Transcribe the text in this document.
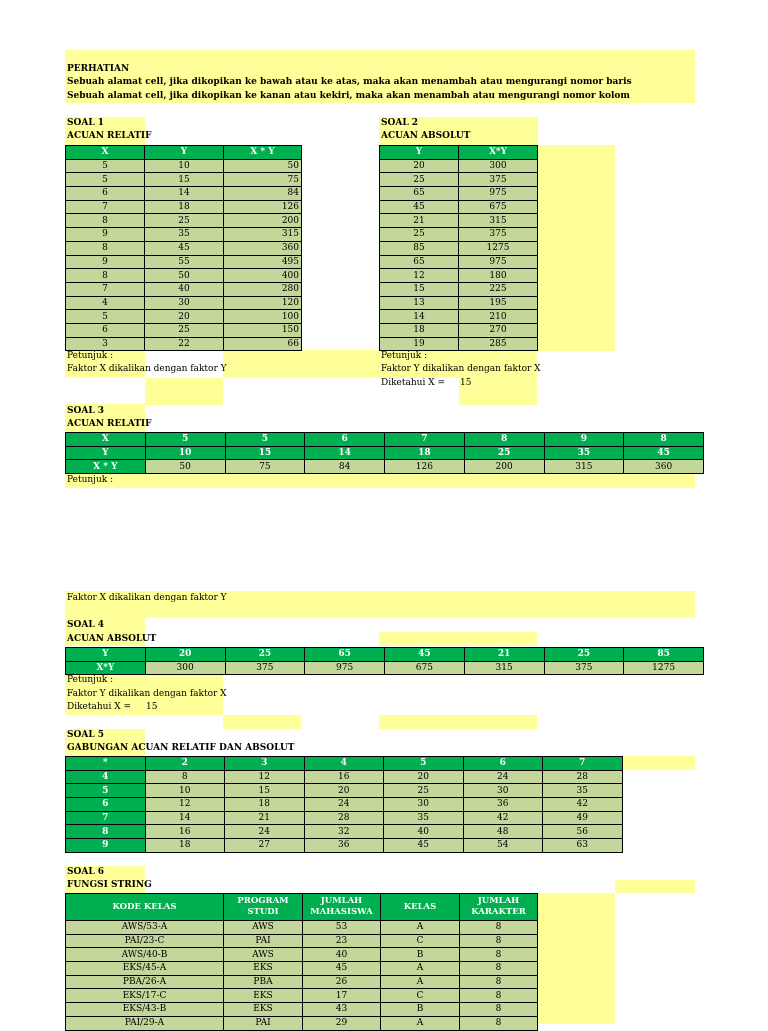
PERHATIAN
Sebuah alamat cell, jika dikopikan ke bawah atau ke atas, maka akan menambah atau mengurangi nomor baris
Sebuah alamat cell, jika dikopikan ke kanan atau kekiri, maka akan menambah atau mengurangi nomor kolom
SOAL 1
ACUAN RELATIF
X	Y	X * Y
5	10	50
5	15	75
6	14	84
7	18	126
8	25	200
9	35	315
8	45	360
9	55	495
8	50	400
7	40	280
4	30	120
5	20	100
6	25	150
3	22	66
Petunjuk :
Faktor X dikalikan dengan faktor Y
SOAL 2
ACUAN ABSOLUT
Y	X*Y
20	300
25	375
65	975
45	675
21	315
25	375
85	1275
65	975
12	180
15	225
13	195
14	210
18	270
19	285
Petunjuk :
Faktor Y dikalikan dengan faktor X
Diketahui X = 15
SOAL 3
ACUAN RELATIF
X	5	5	6	7	8	9	8
Y	10	15	14	18	25	35	45
X * Y	50	75	84	126	200	315	360
Petunjuk :
Faktor X dikalikan dengan faktor Y
SOAL 4
ACUAN ABSOLUT
Y	20	25	65	45	21	25	85
X*Y	300	375	975	675	315	375	1275
Petunjuk :
Faktor Y dikalikan dengan faktor X
Diketahui X = 15
SOAL 5
GABUNGAN ACUAN RELATIF DAN ABSOLUT
*	2	3	4	5	6	7
4	8	12	16	20	24	28
5	10	15	20	25	30	35
6	12	18	24	30	36	42
7	14	21	28	35	42	49
8	16	24	32	40	48	56
9	18	27	36	45	54	63
SOAL 6
FUNGSI STRING
KODE KELAS	PROGRAM STUDI	JUMLAH MAHASISWA	KELAS	JUMLAH KARAKTER
AWS/53-A	AWS	53	A	8
PAI/23-C	PAI	23	C	8
AWS/40-B	AWS	40	B	8
EKS/45-A	EKS	45	A	8
PBA/26-A	PBA	26	A	8
EKS/17-C	EKS	17	C	8
EKS/43-B	EKS	43	B	8
PAI/29-A	PAI	29	A	8
